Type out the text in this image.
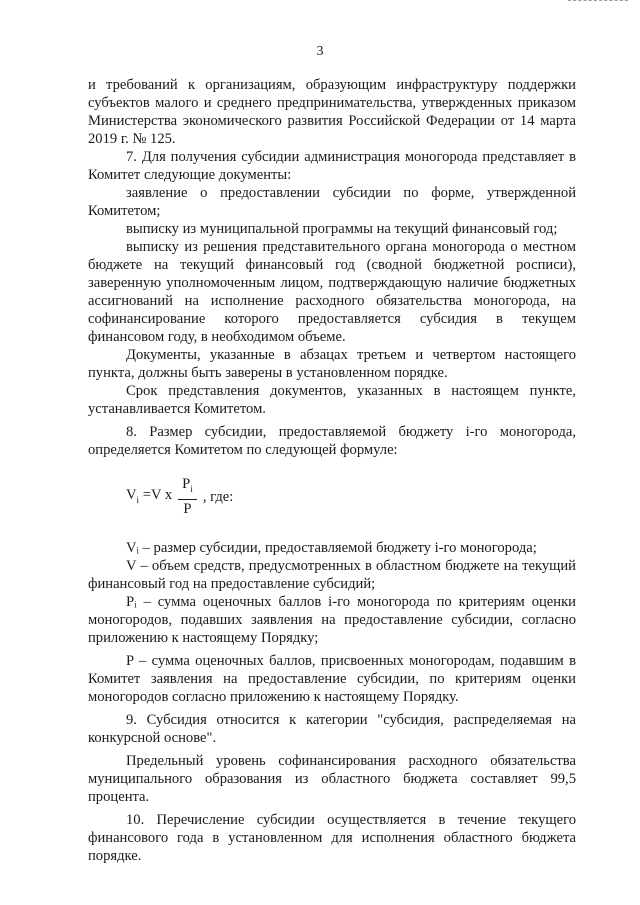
3

и требований к организациям, образующим инфраструктуру поддержки субъектов малого и среднего предпринимательства, утвержденных приказом Министерства экономического развития Российской Федерации от 14 марта 2019 г. № 125.

7. Для получения субсидии администрация моногорода представляет в Комитет следующие документы:

заявление о предоставлении субсидии по форме, утвержденной Комитетом;

выписку из муниципальной программы на текущий финансовый год;

выписку из решения представительного органа моногорода о местном бюджете на текущий финансовый год (сводной бюджетной росписи), заверенную уполномоченным лицом, подтверждающую наличие бюджетных ассигнований на исполнение расходного обязательства моногорода, на софинансирование которого предоставляется субсидия в текущем финансовом году, в необходимом объеме.

Документы, указанные в абзацах третьем и четвертом настоящего пункта, должны быть заверены в установленном порядке.

Срок представления документов, указанных в настоящем пункте, устанавливается Комитетом.

8. Размер субсидии, предоставляемой бюджету i-го моногорода, определяется Комитетом по следующей формуле:

$V_i =V$ x $\frac{P_i}{P}$ , где:

Vᵢ – размер субсидии, предоставляемой бюджету i-го моногорода;

V – объем средств, предусмотренных в областном бюджете на текущий финансовый год на предоставление субсидий;

Pᵢ – сумма оценочных баллов i-го моногорода по критериям оценки моногородов, подавших заявления на предоставление субсидии, согласно приложению к настоящему Порядку;

P – сумма оценочных баллов, присвоенных моногородам, подавшим в Комитет заявления на предоставление субсидии, по критериям оценки моногородов согласно приложению к настоящему Порядку.

9. Субсидия относится к категории "субсидия, распределяемая на конкурсной основе".

Предельный уровень софинансирования расходного обязательства муниципального образования из областного бюджета составляет 99,5 процента.

10. Перечисление субсидии осуществляется в течение текущего финансового года в установленном для исполнения областного бюджета порядке.
